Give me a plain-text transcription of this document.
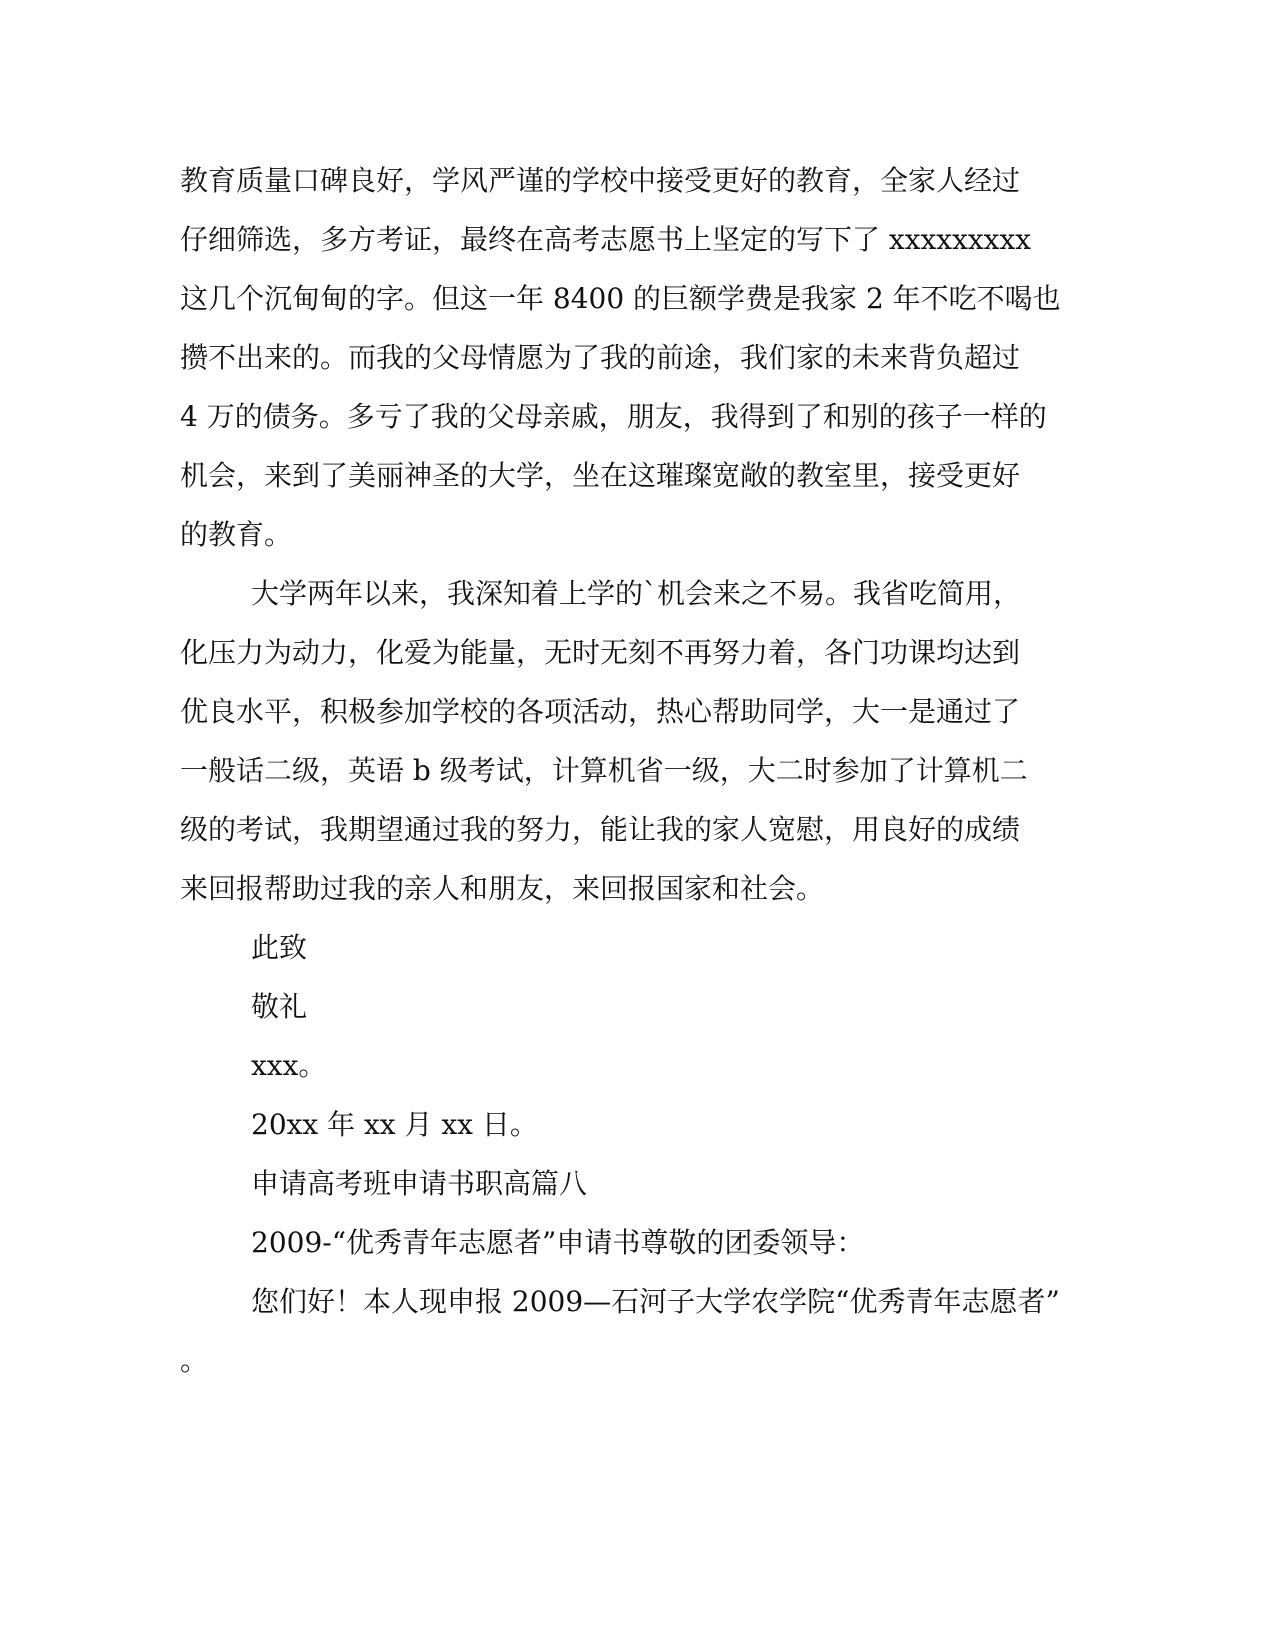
教育质量口碑良好，学风严谨的学校中接受更好的教育，全家人经过
仔细筛选，多方考证，最终在高考志愿书上坚定的写下了 xxxxxxxxx
这几个沉甸甸的字。但这一年 8400 的巨额学费是我家 2 年不吃不喝也
攒不出来的。而我的父母情愿为了我的前途，我们家的未来背负超过
4 万的债务。多亏了我的父母亲戚，朋友，我得到了和别的孩子一样的
机会，来到了美丽神圣的大学，坐在这璀璨宽敞的教室里，接受更好
的教育。
大学两年以来，我深知着上学的`机会来之不易。我省吃简用，
化压力为动力，化爱为能量，无时无刻不再努力着，各门功课均达到
优良水平，积极参加学校的各项活动，热心帮助同学，大一是通过了
一般话二级，英语 b 级考试，计算机省一级，大二时参加了计算机二
级的考试，我期望通过我的努力，能让我的家人宽慰，用良好的成绩
来回报帮助过我的亲人和朋友，来回报国家和社会。
此致
敬礼
xxx。
20xx 年 xx 月 xx 日。
申请高考班申请书职高篇八
2009-“优秀青年志愿者”申请书尊敬的团委领导：
您们好！本人现申报 2009—石河子大学农学院“优秀青年志愿者”
。
